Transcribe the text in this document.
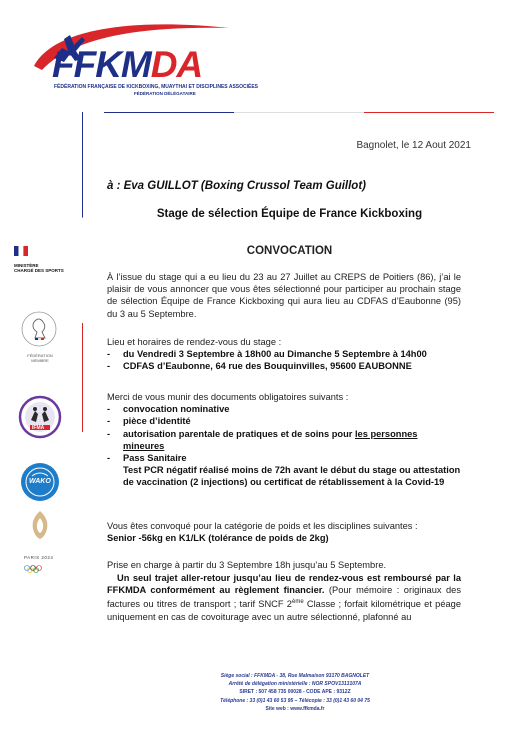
FFKMDA
FÉDÉRATION FRANÇAISE DE KICKBOXING, MUAYTHAI ET DISCIPLINES ASSOCIÉES
FÉDÉRATION DÉLÉGATAIRE
MINISTÈRE
CHARGÉ DES SPORTS
FÉDÉRATION MEMBRE
IFMA
WAKO
PARIS 2024
Bagnolet, le 12 Aout 2021
à : Eva GUILLOT (Boxing Crussol Team Guillot)
Stage de sélection Équipe de France Kickboxing
CONVOCATION
À l’issue du stage qui a eu lieu du 23 au 27 Juillet au CREPS de Poitiers (86), j’ai le plaisir de vous annoncer que vous êtes sélectionné pour participer au prochain stage de sélection Équipe de France Kickboxing qui aura lieu au CDFAS d’Eaubonne (95) du 3 au 5 Septembre.
Lieu et horaires de rendez-vous du stage :
- du Vendredi 3 Septembre à 18h00 au Dimanche 5 Septembre à 14h00
- CDFAS d’Eaubonne, 64 rue des Bouquinvilles, 95600 EAUBONNE
Merci de vous munir des documents obligatoires suivants :
- convocation nominative
- pièce d’identité
- autorisation parentale de pratiques et de soins pour les personnes mineures
- Pass Sanitaire
Test PCR négatif réalisé moins de 72h avant le début du stage ou attestation de vaccination (2 injections) ou certificat de rétablissement à la Covid-19
Vous êtes convoqué pour la catégorie de poids et les disciplines suivantes :
Senior -56kg en K1/LK (tolérance de poids de 2kg)
Prise en charge à partir du 3 Septembre 18h jusqu’au 5 Septembre.
Un seul trajet aller-retour jusqu’au lieu de rendez-vous est remboursé par la FFKMDA conformément au règlement financier. (Pour mémoire : originaux des factures ou titres de transport ; tarif SNCF 2ème Classe ; forfait kilométrique et péage uniquement en cas de covoiturage avec un autre sélectionné, plafonné au
Siège social : FFKMDA - 38, Rue Malmaison 93170 BAGNOLET
Arrêté de délégation ministérielle : NOR SPOV1313107A
SIRET : 507 458 735 00028 - CODE APE : 9312Z
Téléphone : 33 (0)1 43 60 53 95 – Télécopie : 33 (0)1 43 60 04 75
Site web : www.ffkmda.fr
